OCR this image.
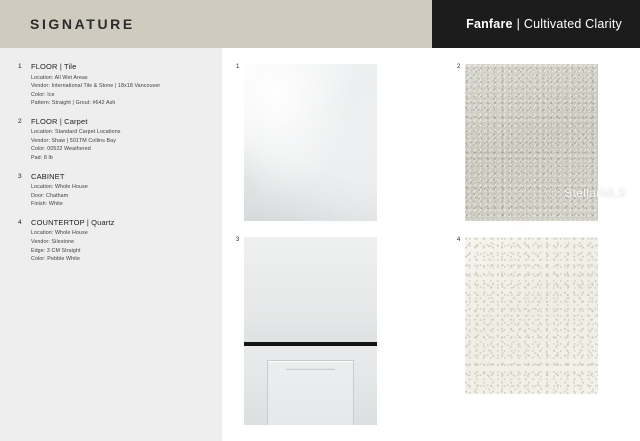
SIGNATURE	Fanfare | Cultivated Clarity
1	FLOOR | Tile
Location: All Wet Areas
Vendor: International Tile & Stone | 18x18 Vancouver
Color: Ice
Pattern: Straight | Grout: #642 Ash
2	FLOOR | Carpet
Location: Standard Carpet Locations
Vendor: Shaw | 501TM Collins Bay
Color: 00522 Weathered
Pad: 8 lb
3	CABINET
Location: Whole House
Door: Chatham
Finish: White
4	COUNTERTOP | Quartz
Location: Whole House
Vendor: Silestone
Edge: 3 CM Straight
Color: Pebble White
1	2
3	4
StellarMLS
